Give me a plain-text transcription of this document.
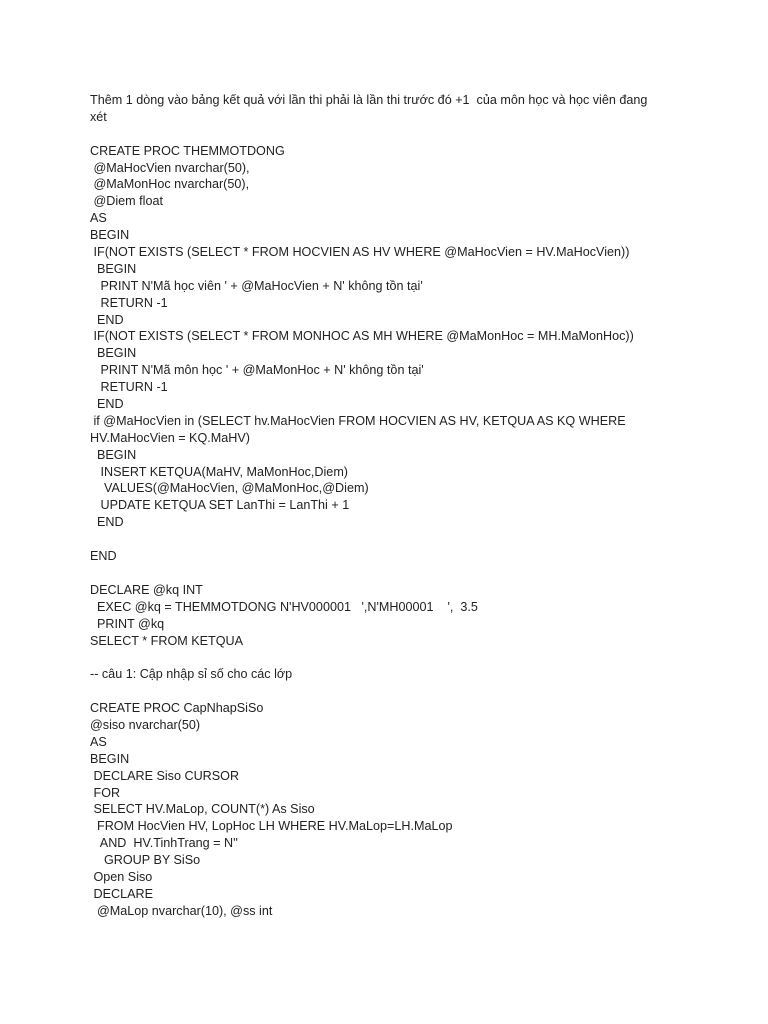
Thêm 1 dòng vào bảng kết quả với lần thi phải là lần thi trước đó +1  của môn học và học viên đang
xét
CREATE PROC THEMMOTDONG
@MaHocVien nvarchar(50),
@MaMonHoc nvarchar(50),
@Diem float
AS
BEGIN
IF(NOT EXISTS (SELECT * FROM HOCVIEN AS HV WHERE @MaHocVien = HV.MaHocVien))
BEGIN
PRINT N'Mã học viên ' + @MaHocVien + N' không tồn tại'
RETURN -1
END
IF(NOT EXISTS (SELECT * FROM MONHOC AS MH WHERE @MaMonHoc = MH.MaMonHoc))
BEGIN
PRINT N'Mã môn học ' + @MaMonHoc + N' không tồn tại'
RETURN -1
END
if @MaHocVien in (SELECT hv.MaHocVien FROM HOCVIEN AS HV, KETQUA AS KQ WHERE
HV.MaHocVien = KQ.MaHV)
BEGIN
INSERT KETQUA(MaHV, MaMonHoc,Diem)
VALUES(@MaHocVien, @MaMonHoc,@Diem)
UPDATE KETQUA SET LanThi = LanThi + 1
END
END
DECLARE @kq INT
EXEC @kq = THEMMOTDONG N'HV000001   ',N'MH00001    ',  3.5
PRINT @kq
SELECT * FROM KETQUA
-- câu 1: Cập nhập sỉ số cho các lớp
CREATE PROC CapNhapSiSo
@siso nvarchar(50)
AS
BEGIN
DECLARE Siso CURSOR
FOR
SELECT HV.MaLop, COUNT(*) As Siso
FROM HocVien HV, LopHoc LH WHERE HV.MaLop=LH.MaLop
AND  HV.TinhTrang = N''
GROUP BY SiSo
Open Siso
DECLARE
@MaLop nvarchar(10), @ss int
